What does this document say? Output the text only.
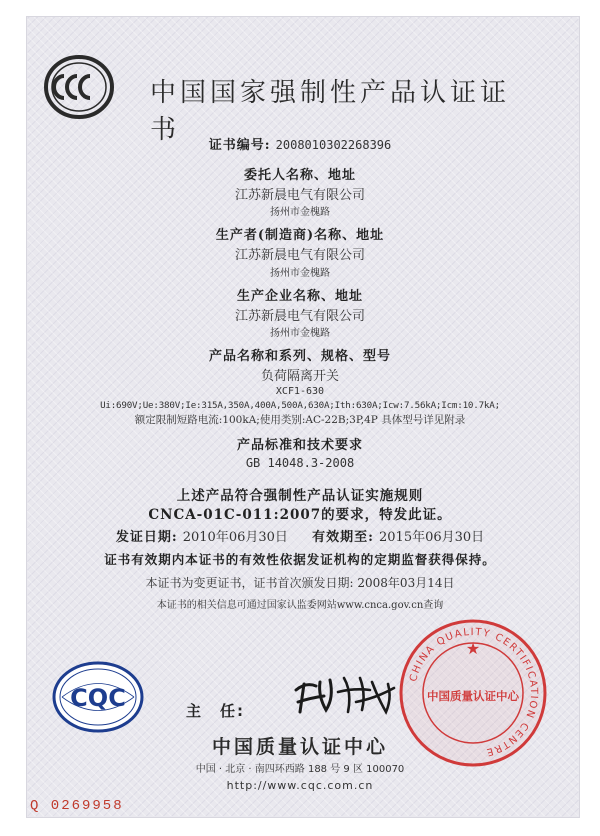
中国国家强制性产品认证证书
证书编号: 2008010302268396
委托人名称、地址
江苏新晨电气有限公司
扬州市金槐路
生产者(制造商)名称、地址
江苏新晨电气有限公司
扬州市金槐路
生产企业名称、地址
江苏新晨电气有限公司
扬州市金槐路
产品名称和系列、规格、型号
负荷隔离开关
XCF1-630
Ui:690V;Ue:380V;Ie:315A,350A,400A,500A,630A;Ith:630A;Icw:7.56kA;Icm:10.7kA;
额定限制短路电流:100kA;使用类别:AC-22B;3P,4P 具体型号详见附录
产品标准和技术要求
GB 14048.3-2008
上述产品符合强制性产品认证实施规则
CNCA-01C-011:2007的要求，特发此证。
发证日期: 2010年06月30日 有效期至: 2015年06月30日
证书有效期内本证书的有效性依据发证机构的定期监督获得保持。
本证书为变更证书，证书首次颁发日期: 2008年03月14日
本证书的相关信息可通过国家认监委网站www.cnca.gov.cn查询
CQC	主　任:
CHINA QUALITY CERTIFICATION CENTRE
★
中国质量认证中心
中国质量认证中心
中国 · 北京 · 南四环西路 188 号 9 区 100070
http://www.cqc.com.cn
Q 0269958
